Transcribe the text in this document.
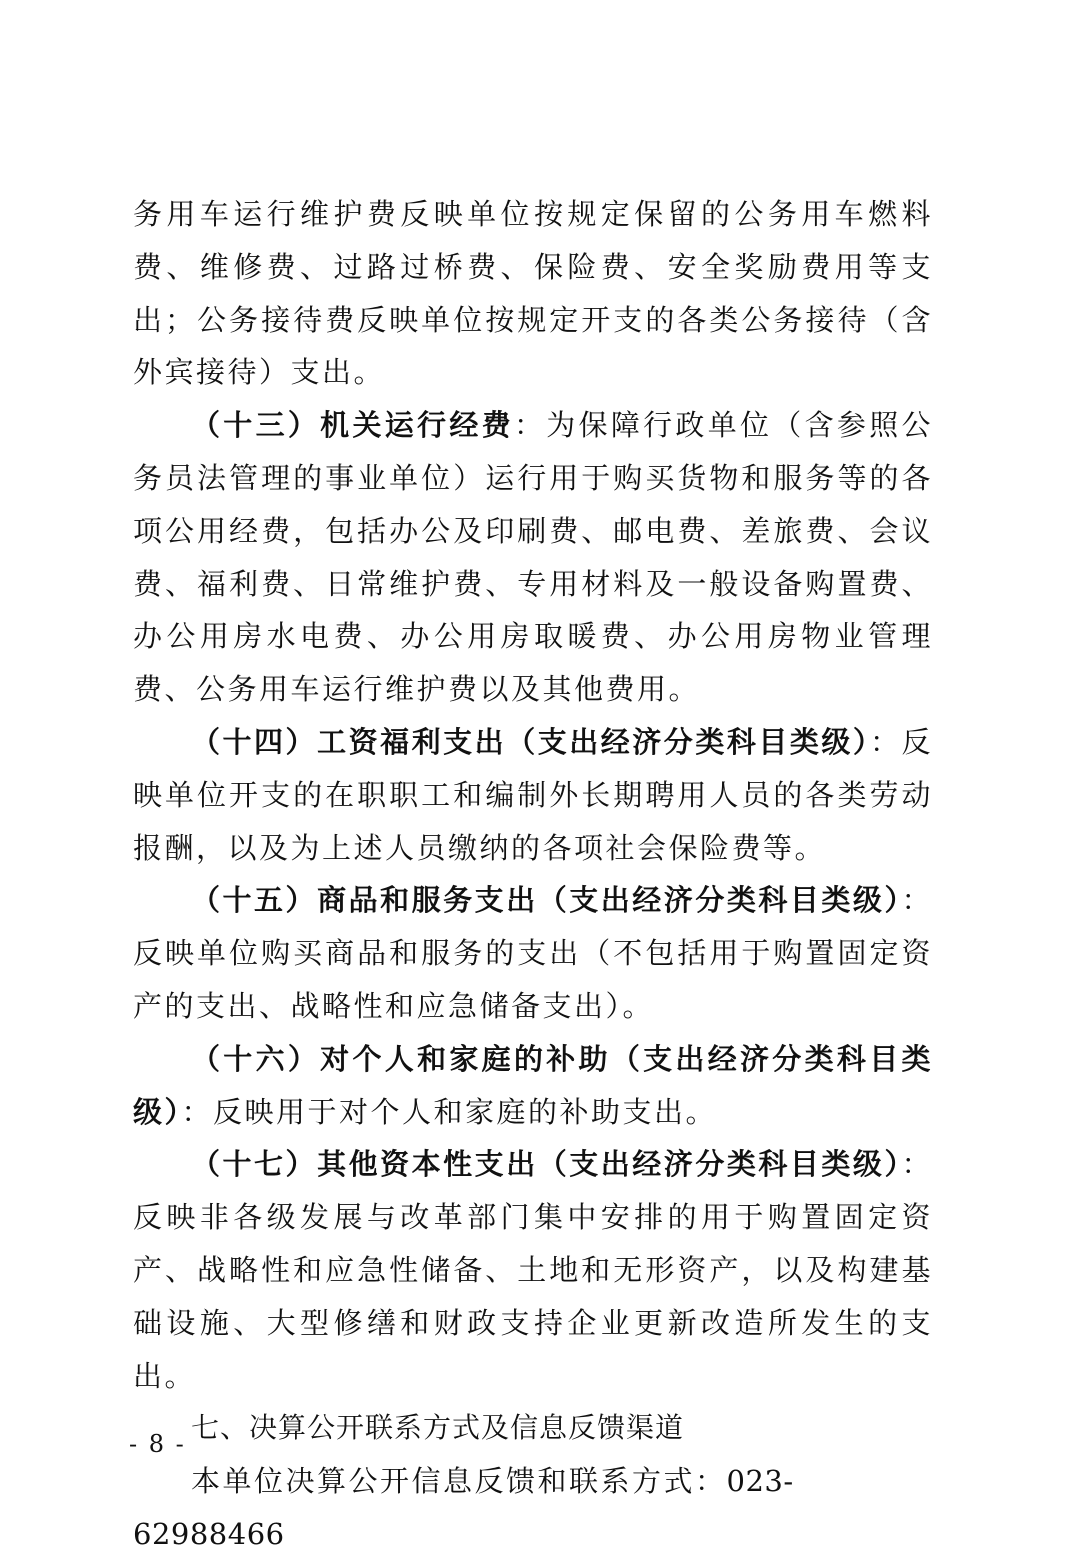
务用车运行维护费反映单位按规定保留的公务用车燃料费、维修费、过路过桥费、保险费、安全奖励费用等支出；公务接待费反映单位按规定开支的各类公务接待（含外宾接待）支出。

（十三）机关运行经费：为保障行政单位（含参照公务员法管理的事业单位）运行用于购买货物和服务等的各项公用经费，包括办公及印刷费、邮电费、差旅费、会议费、福利费、日常维护费、专用材料及一般设备购置费、办公用房水电费、办公用房取暖费、办公用房物业管理费、公务用车运行维护费以及其他费用。

（十四）工资福利支出（支出经济分类科目类级）：反映单位开支的在职职工和编制外长期聘用人员的各类劳动报酬，以及为上述人员缴纳的各项社会保险费等。

（十五）商品和服务支出（支出经济分类科目类级）：反映单位购买商品和服务的支出（不包括用于购置固定资产的支出、战略性和应急储备支出）。

（十六）对个人和家庭的补助（支出经济分类科目类级）：反映用于对个人和家庭的补助支出。

（十七）其他资本性支出（支出经济分类科目类级）：反映非各级发展与改革部门集中安排的用于购置固定资产、战略性和应急性储备、土地和无形资产，以及构建基础设施、大型修缮和财政支持企业更新改造所发生的支出。

七、决算公开联系方式及信息反馈渠道

本单位决算公开信息反馈和联系方式：023-62988466

- 8 -
